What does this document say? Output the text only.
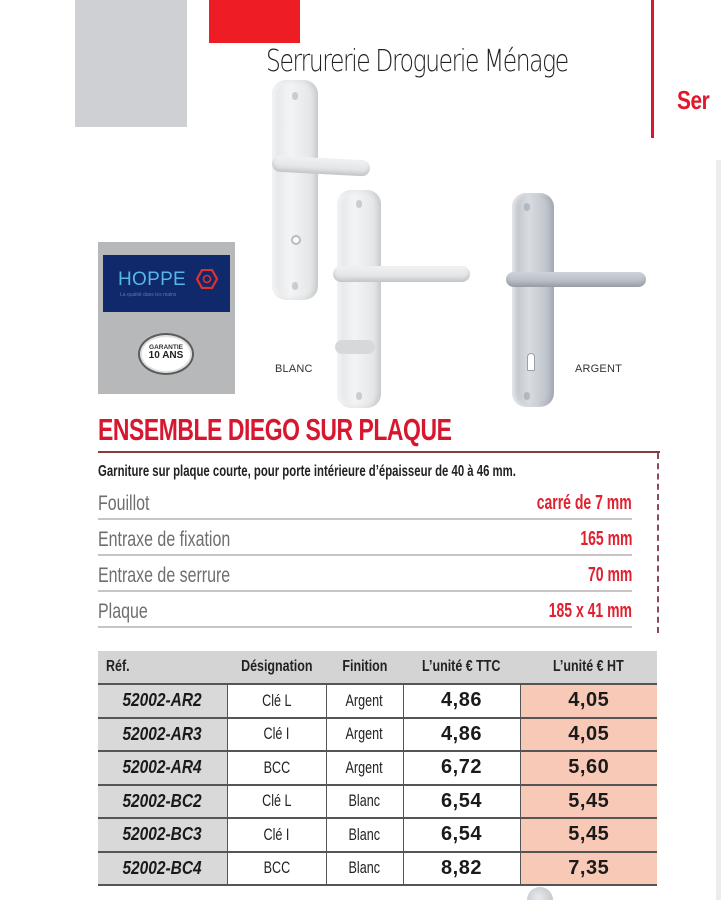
Serrurerie Droguerie Ménage
Ser
HOPPE
La qualité dans les mains
GARANTIE
10 ANS
BLANC	ARGENT
ENSEMBLE DIEGO SUR PLAQUE
Garniture sur plaque courte, pour porte intérieure d’épaisseur de 40 à 46 mm.
Fouillot	carré de 7 mm
Entraxe de fixation	165 mm
Entraxe de serrure	70 mm
Plaque	185 x 41 mm
Réf.	Désignation	Finition	L’unité € TTC	L’unité € HT
52002-AR2	Clé L	Argent	4,86	4,05
52002-AR3	Clé I	Argent	4,86	4,05
52002-AR4	BCC	Argent	6,72	5,60
52002-BC2	Clé L	Blanc	6,54	5,45
52002-BC3	Clé I	Blanc	6,54	5,45
52002-BC4	BCC	Blanc	8,82	7,35
